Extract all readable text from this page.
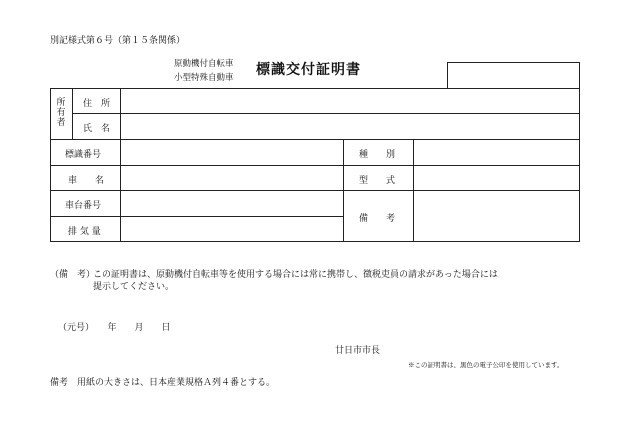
別記様式第６号（第１５条関係）
原動機付自転車
小型特殊自動車 標識交付証明書
所有者
住　所
氏　名
標識番号	種　　別
車　　名	型　　式
車台番号
備　　考
排 気 量
（備　考）
この証明書は、原動機付自転車等を使用する場合には常に携帯し、徴税吏員の請求があった場合には
提示してください。
（元号）　　年　　月　　日
廿日市市長
※この証明書は、黒色の電子公印を使用しています。
備考　用紙の大きさは、日本産業規格Ａ列４番とする。
